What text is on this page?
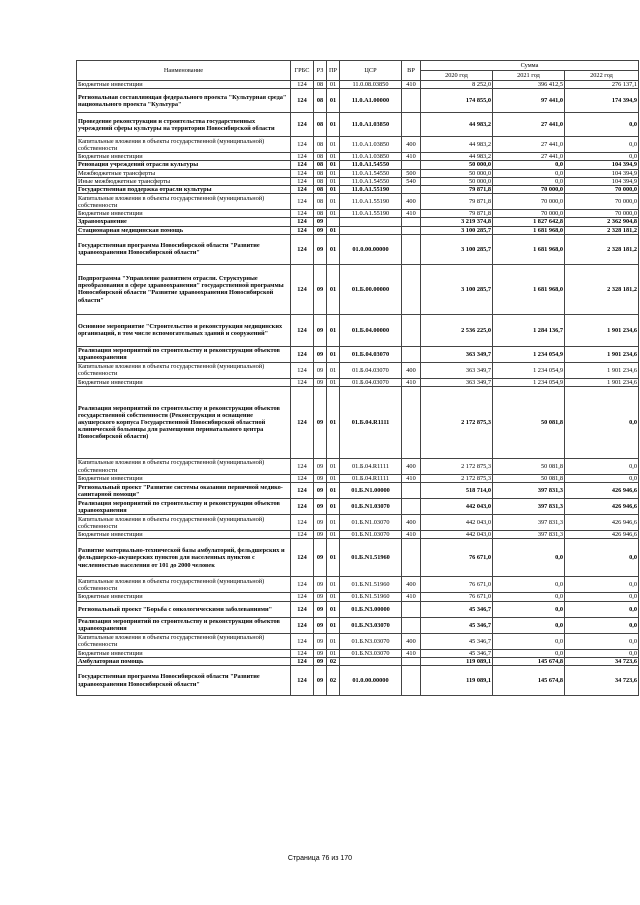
Наименование	ГРБС	РЗ	ПР	ЦСР	ВР	Сумма		
						2020 год	2021 год	2022 год
Бюджетные инвестиции	124	08	01	11.0.08.03850	410	8 252,0	396 412,5	276 137,1
Региональная составляющая федерального проекта "Культурная среда" национального проекта "Культура"	124	08	01	11.0.А1.00000		174 855,0	97 441,0	174 394,9
Проведение реконструкции и строительства государственных учреждений сферы культуры на территории Новосибирской области	124	08	01	11.0.А1.03850		44 983,2	27 441,0	0,0
Капитальные вложения в объекты государственной (муниципальной) собственности	124	08	01	11.0.А1.03850	400	44 983,2	27 441,0	0,0
Бюджетные инвестиции	124	08	01	11.0.А1.03850	410	44 983,2	27 441,0	0,0
Реновация учреждений отрасли культуры	124	08	01	11.0.А1.54550		50 000,0	0,0	104 394,9
Межбюджетные трансферты	124	08	01	11.0.А1.54550	500	50 000,0	0,0	104 394,9
Иные межбюджетные трансферты	124	08	01	11.0.А1.54550	540	50 000,0	0,0	104 394,9
Государственная поддержка отрасли культуры	124	08	01	11.0.А1.55190		79 871,8	70 000,0	70 000,0
Капитальные вложения в объекты государственной (муниципальной) собственности	124	08	01	11.0.А1.55190	400	79 871,8	70 000,0	70 000,0
Бюджетные инвестиции	124	08	01	11.0.А1.55190	410	79 871,8	70 000,0	70 000,0
Здравоохранение	124	09				3 219 374,8	1 827 642,8	2 362 904,8
Стационарная медицинская помощь	124	09	01			3 100 285,7	1 681 968,0	2 328 181,2
Государственная программа Новосибирской области "Развитие здравоохранения Новосибирской области"	124	09	01	01.0.00.00000		3 100 285,7	1 681 968,0	2 328 181,2
Подпрограмма "Управление развитием отрасли. Структурные преобразования в сфере здравоохранения" государственной программы Новосибирской области "Развитие здравоохранения Новосибирской области"	124	09	01	01.Б.00.00000		3 100 285,7	1 681 968,0	2 328 181,2
Основное мероприятие "Строительство и реконструкция медицинских организаций, в том числе вспомогательных зданий и сооружений"	124	09	01	01.Б.04.00000		2 536 225,0	1 284 136,7	1 901 234,6
Реализация мероприятий по строительству и реконструкции объектов здравоохранения	124	09	01	01.Б.04.03070		363 349,7	1 234 054,9	1 901 234,6
Капитальные вложения в объекты государственной (муниципальной) собственности	124	09	01	01.Б.04.03070	400	363 349,7	1 234 054,9	1 901 234,6
Бюджетные инвестиции	124	09	01	01.Б.04.03070	410	363 349,7	1 234 054,9	1 901 234,6
Реализация мероприятий по строительству и реконструкции объектов государственной собственности (Реконструкция и оснащение акушерского корпуса Государственной Новосибирской областной клинической больницы для размещения перинатального центра Новосибирской области)	124	09	01	01.Б.04.R1111		2 172 875,3	50 081,8	0,0
Капитальные вложения в объекты государственной (муниципальной) собственности	124	09	01	01.Б.04.R1111	400	2 172 875,3	50 081,8	0,0
Бюджетные инвестиции	124	09	01	01.Б.04.R1111	410	2 172 875,3	50 081,8	0,0
Региональный проект "Развитие системы оказания первичной медико-санитарной помощи"	124	09	01	01.Б.N1.00000		518 714,0	397 831,3	426 946,6
Реализация мероприятий по строительству и реконструкции объектов здравоохранения	124	09	01	01.Б.N1.03070		442 043,0	397 831,3	426 946,6
Капитальные вложения в объекты государственной (муниципальной) собственности	124	09	01	01.Б.N1.03070	400	442 043,0	397 831,3	426 946,6
Бюджетные инвестиции	124	09	01	01.Б.N1.03070	410	442 043,0	397 831,3	426 946,6
Развитие материально-технической базы амбулаторий, фельдшерских и фельдшерско-акушерских пунктов для населенных пунктов с численностью населения от 101 до 2000 человек	124	09	01	01.Б.N1.51960		76 671,0	0,0	0,0
Капитальные вложения в объекты государственной (муниципальной) собственности	124	09	01	01.Б.N1.51960	400	76 671,0	0,0	0,0
Бюджетные инвестиции	124	09	01	01.Б.N1.51960	410	76 671,0	0,0	0,0
Региональный проект "Борьба с онкологическими заболеваниями"	124	09	01	01.Б.N3.00000		45 346,7	0,0	0,0
Реализация мероприятий по строительству и реконструкции объектов здравоохранения	124	09	01	01.Б.N3.03070		45 346,7	0,0	0,0
Капитальные вложения в объекты государственной (муниципальной) собственности	124	09	01	01.Б.N3.03070	400	45 346,7	0,0	0,0
Бюджетные инвестиции	124	09	01	01.Б.N3.03070	410	45 346,7	0,0	0,0
Амбулаторная помощь	124	09	02			119 089,1	145 674,8	34 723,6
Государственная программа Новосибирской области "Развитие здравоохранения Новосибирской области"	124	09	02	01.0.00.00000		119 089,1	145 674,8	34 723,6
Страница 76 из 170
